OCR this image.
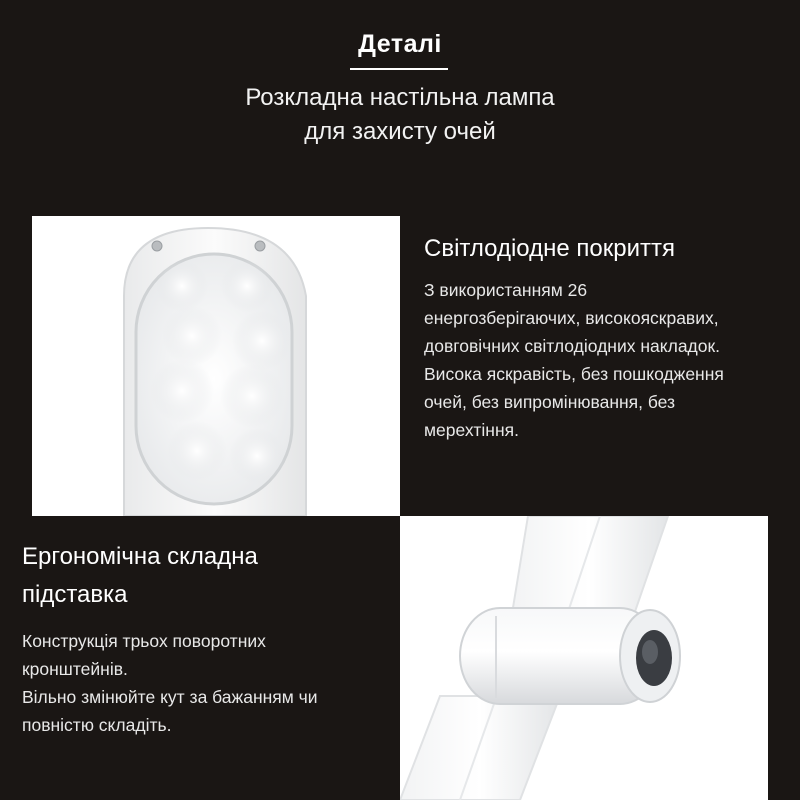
Деталі
Розкладна настільна лампа
для захисту очей
Світлодіодне покриття
З використанням 26
енергозберігаючих, високояскравих,
довговічних світлодіодних накладок.
Висока яскравість, без пошкодження
очей, без випромінювання, без
мерехтіння.
Ергономічна складна
підставка
Конструкція трьох поворотних
кронштейнів.
Вільно змінюйте кут за бажанням чи
повністю складіть.
